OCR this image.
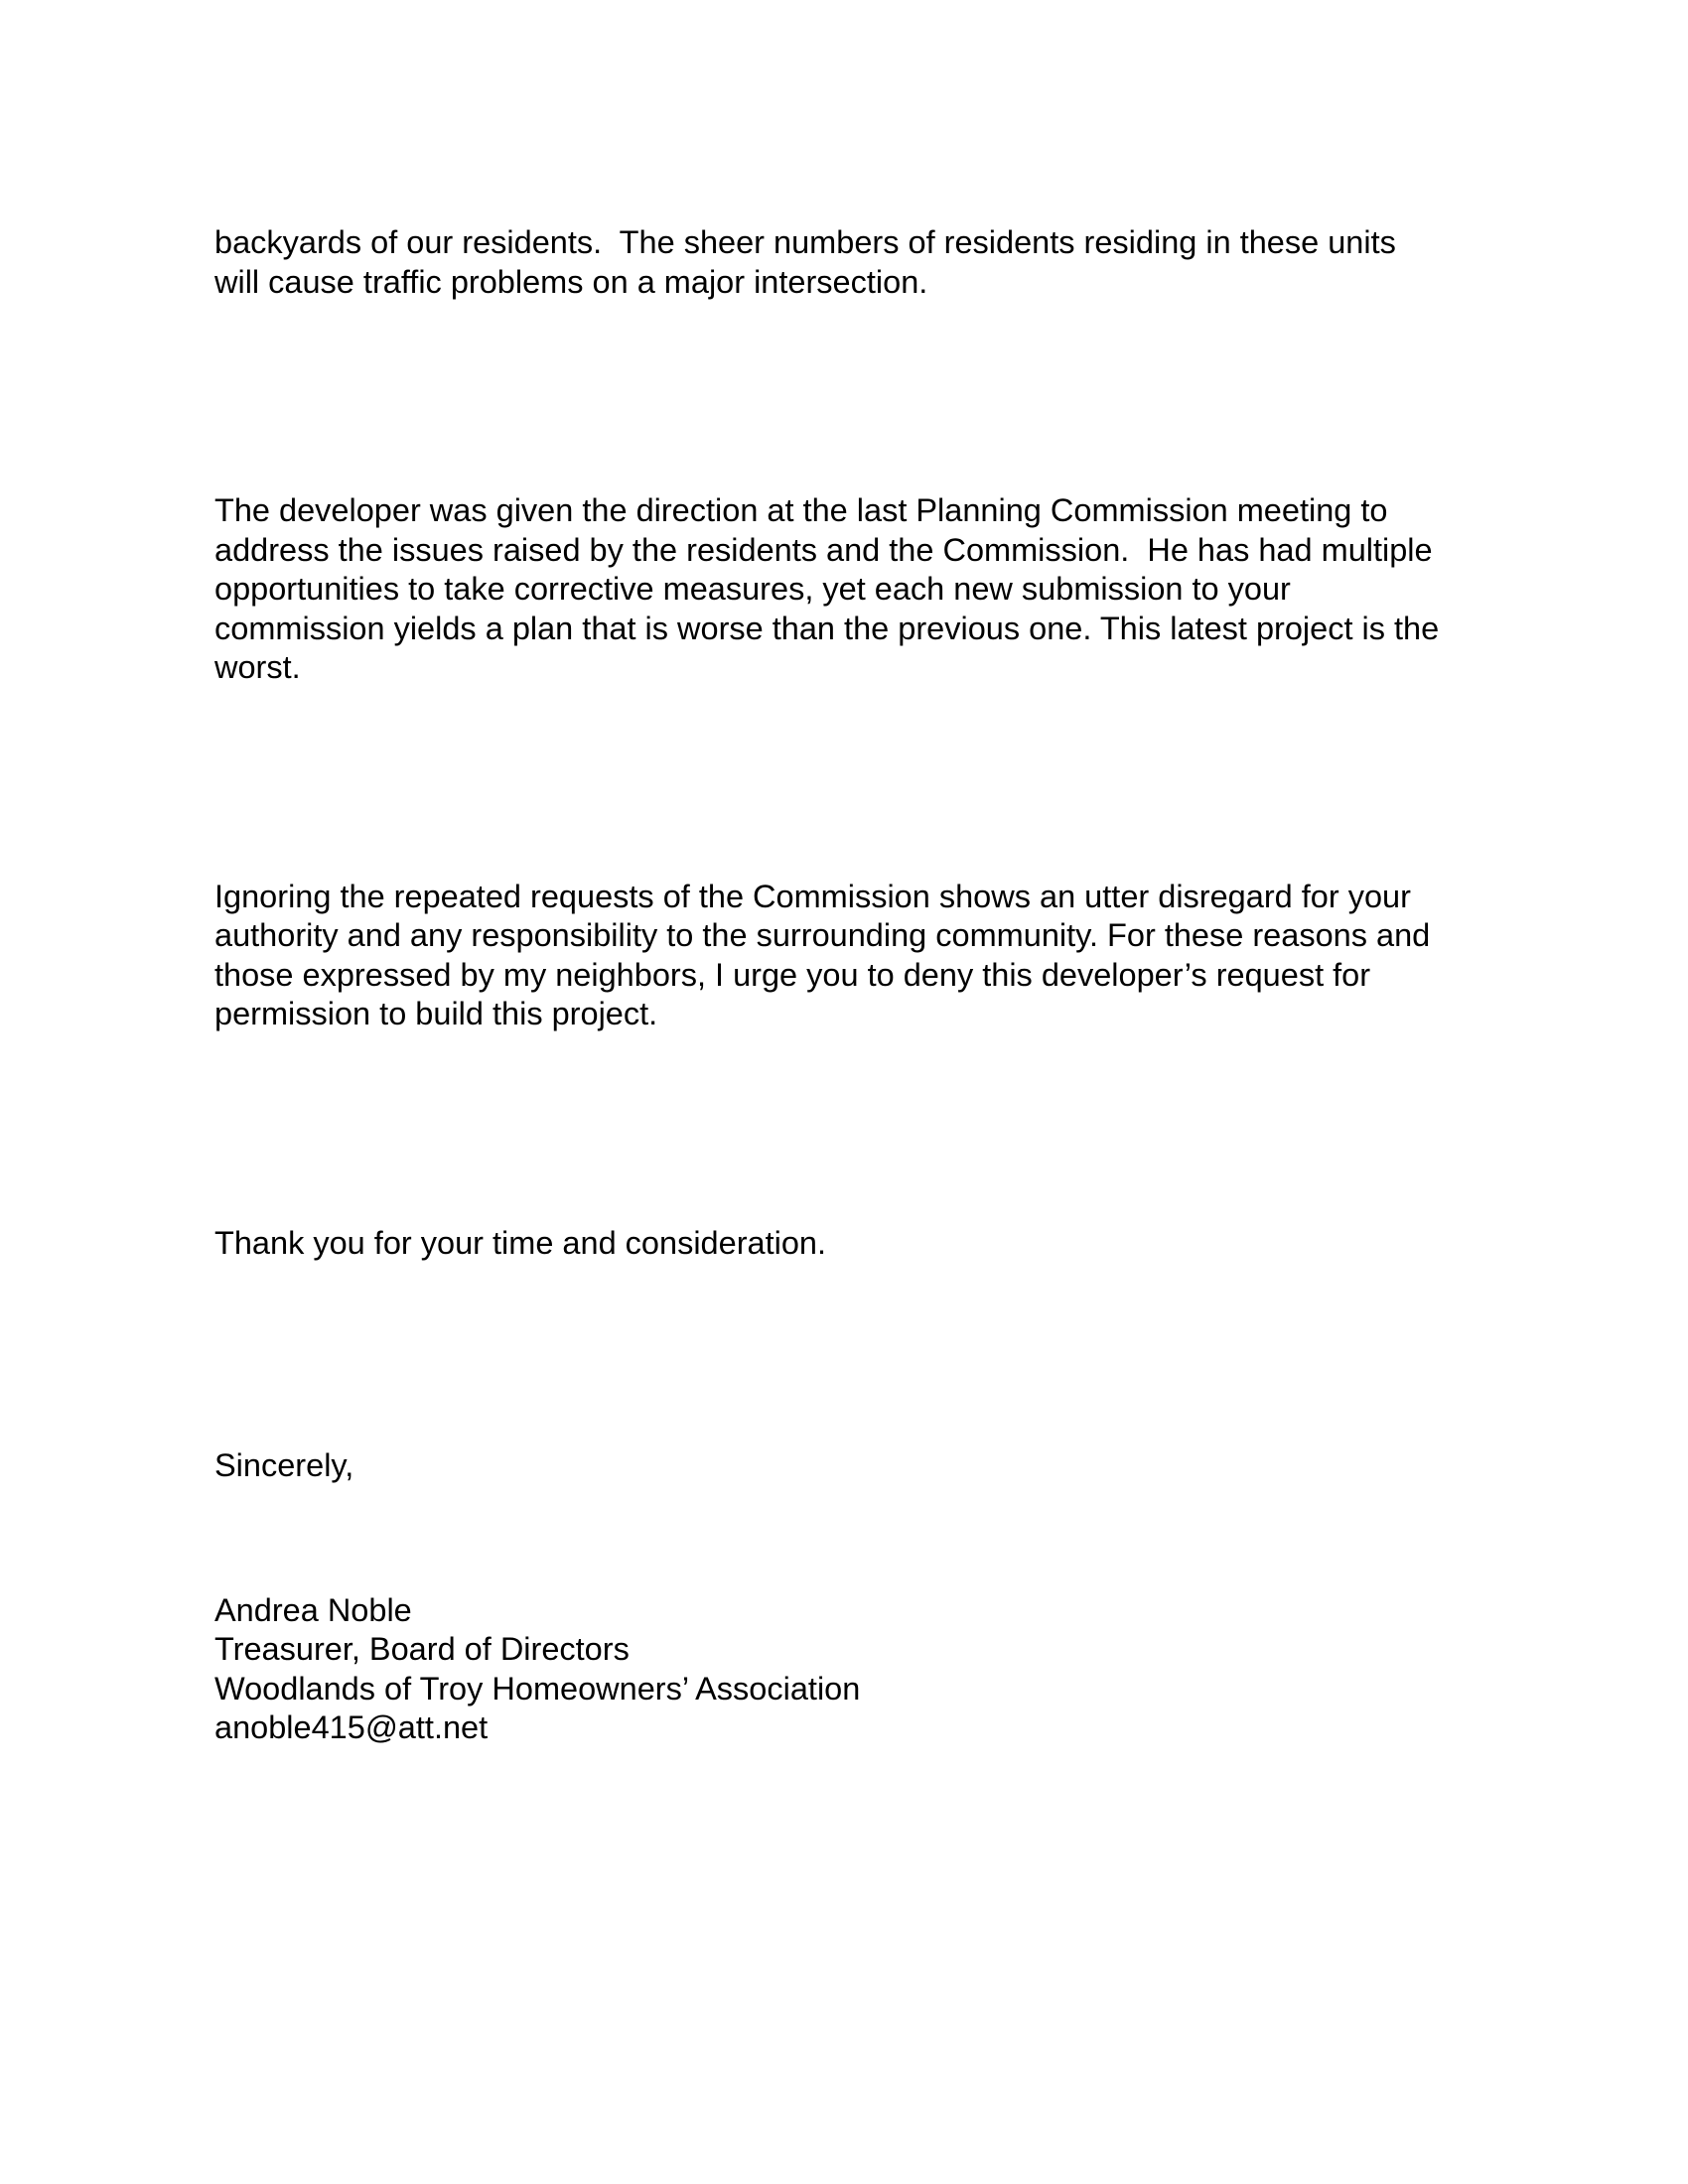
backyards of our residents.  The sheer numbers of residents residing in these units
will cause traffic problems on a major intersection.

The developer was given the direction at the last Planning Commission meeting to
address the issues raised by the residents and the Commission.  He has had multiple
opportunities to take corrective measures, yet each new submission to your
commission yields a plan that is worse than the previous one. This latest project is the
worst.

Ignoring the repeated requests of the Commission shows an utter disregard for your
authority and any responsibility to the surrounding community. For these reasons and
those expressed by my neighbors, I urge you to deny this developer’s request for
permission to build this project.

Thank you for your time and consideration.

Sincerely,
Andrea Noble
Treasurer, Board of Directors
Woodlands of Troy Homeowners’ Association
anoble415@att.net
